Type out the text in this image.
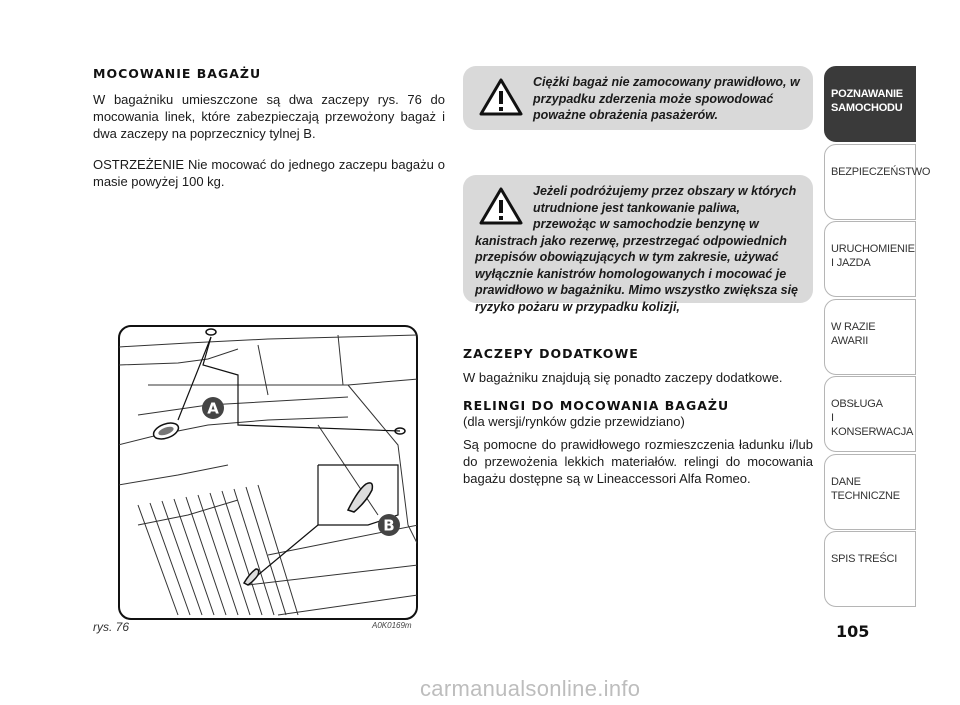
MOCOWANIE BAGAŻU

W bagażniku umieszczone są dwa zaczepy rys. 76 do mocowania linek, które zabezpieczają przewożony bagaż i dwa zaczepy na poprzecznicy tylnej B.

OSTRZEŻENIE Nie mocować do jednego zaczepu bagażu o masie powyżej 100 kg.

Ciężki bagaż nie zamocowany prawidłowo, w przypadku zderzenia może spowodować poważne obrażenia pasażerów.
Jeżeli podróżujemy przez obszary w których utrudnione jest tankowanie paliwa, przewożąc w samochodzie benzynę w kanistrach jako rezerwę, przestrzegać odpowiednich przepisów obowiązujących w tym zakresie, używać wyłącznie kanistrów homologowanych i mocować je prawidłowo w bagażniku. Mimo wszystko zwiększa się ryzyko pożaru w przypadku kolizji,
ZACZEPY DODATKOWE

W bagażniku znajdują się ponadto zaczepy dodatkowe.

RELINGI DO MOCOWANIA BAGAŻU

(dla wersji/rynków gdzie przewidziano)

Są pomocne do prawidłowego rozmieszczenia ładunku i/lub do przewożenia lekkich materiałów. relingi do mocowania bagażu dostępne są w Lineaccessori Alfa Romeo.

A
B
rys. 76	A0K0169m
POZNAWANIE
SAMOCHODU
BEZPIECZEŃSTWO
URUCHOMIENIE
I JAZDA
W RAZIE AWARII
OBSŁUGA
I KONSERWACJA
DANE
TECHNICZNE
SPIS TREŚCI
105
carmanualsonline.info
